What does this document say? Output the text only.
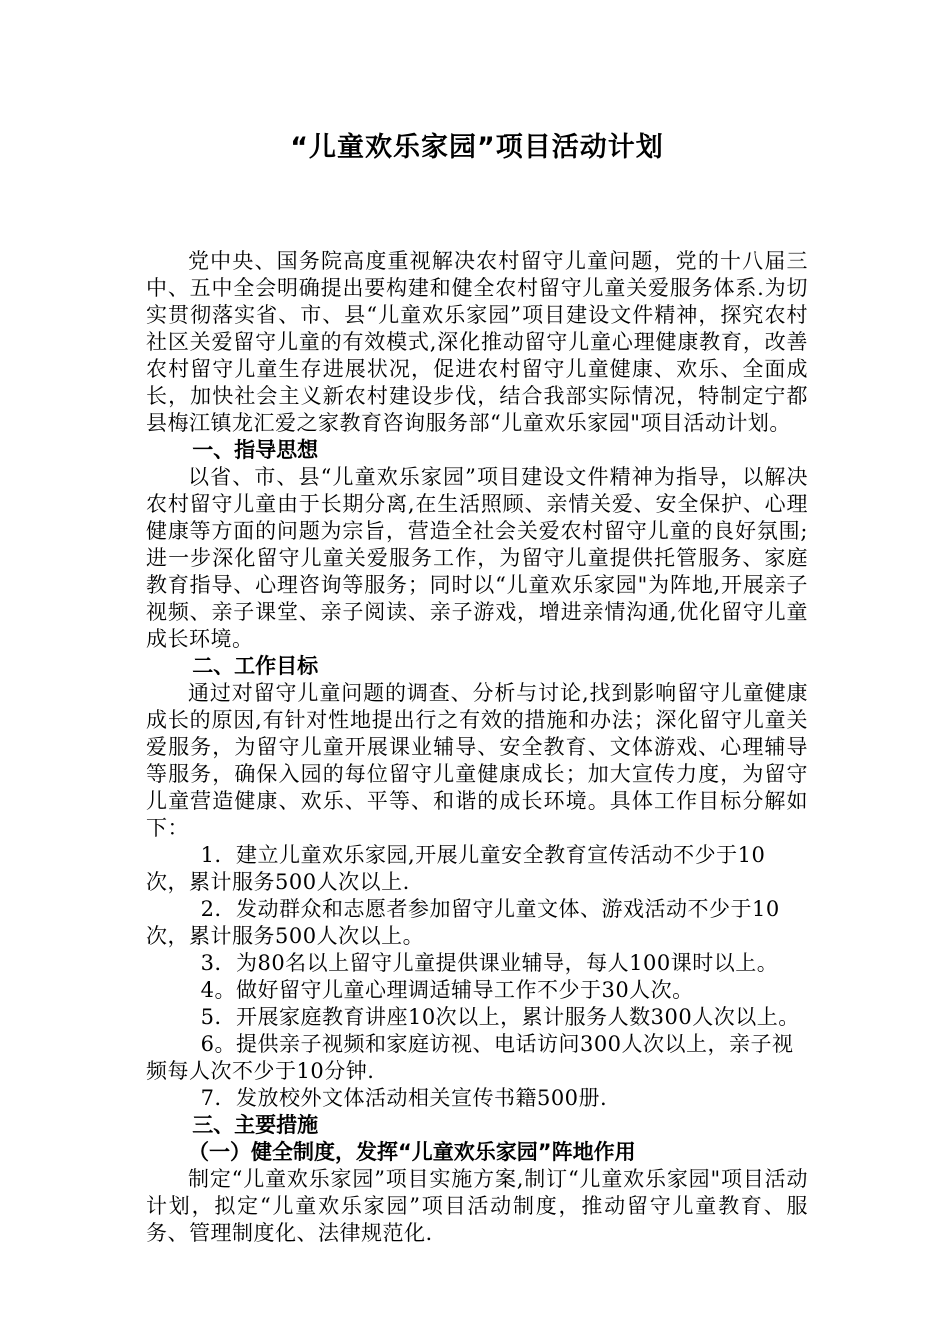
“儿童欢乐家园”项目活动计划

党中央、国务院高度重视解决农村留守儿童问题，党的十八届三中、五中全会明确提出要构建和健全农村留守儿童关爱服务体系.为切实贯彻落实省、市、县“儿童欢乐家园”项目建设文件精神，探究农村社区关爱留守儿童的有效模式,深化推动留守儿童心理健康教育，改善农村留守儿童生存进展状况，促进农村留守儿童健康、欢乐、全面成长，加快社会主义新农村建设步伐，结合我部实际情况，特制定宁都县梅江镇龙汇爱之家教育咨询服务部“儿童欢乐家园"项目活动计划。

一、指导思想

以省、市、县“儿童欢乐家园”项目建设文件精神为指导，以解决农村留守儿童由于长期分离,在生活照顾、亲情关爱、安全保护、心理健康等方面的问题为宗旨，营造全社会关爱农村留守儿童的良好氛围;进一步深化留守儿童关爱服务工作，为留守儿童提供托管服务、家庭教育指导、心理咨询等服务；同时以“儿童欢乐家园"为阵地,开展亲子视频、亲子课堂、亲子阅读、亲子游戏，增进亲情沟通,优化留守儿童成长环境。

二、工作目标

通过对留守儿童问题的调查、分析与讨论,找到影响留守儿童健康成长的原因,有针对性地提出行之有效的措施和办法；深化留守儿童关爱服务，为留守儿童开展课业辅导、安全教育、文体游戏、心理辅导等服务，确保入园的每位留守儿童健康成长；加大宣传力度，为留守儿童营造健康、欢乐、平等、和谐的成长环境。具体工作目标分解如下：

1．建立儿童欢乐家园,开展儿童安全教育宣传活动不少于10次，累计服务500人次以上.

2．发动群众和志愿者参加留守儿童文体、游戏活动不少于10次，累计服务500人次以上。

3．为80名以上留守儿童提供课业辅导，每人100课时以上。

4。做好留守儿童心理调适辅导工作不少于30人次。

5．开展家庭教育讲座10次以上，累计服务人数300人次以上。

6。提供亲子视频和家庭访视、电话访问300人次以上，亲子视频每人次不少于10分钟.

7．发放校外文体活动相关宣传书籍500册.

三、主要措施

（一）健全制度，发挥“儿童欢乐家园”阵地作用

制定“儿童欢乐家园”项目实施方案,制订“儿童欢乐家园"项目活动计划，拟定“儿童欢乐家园”项目活动制度，推动留守儿童教育、服务、管理制度化、法律规范化.
